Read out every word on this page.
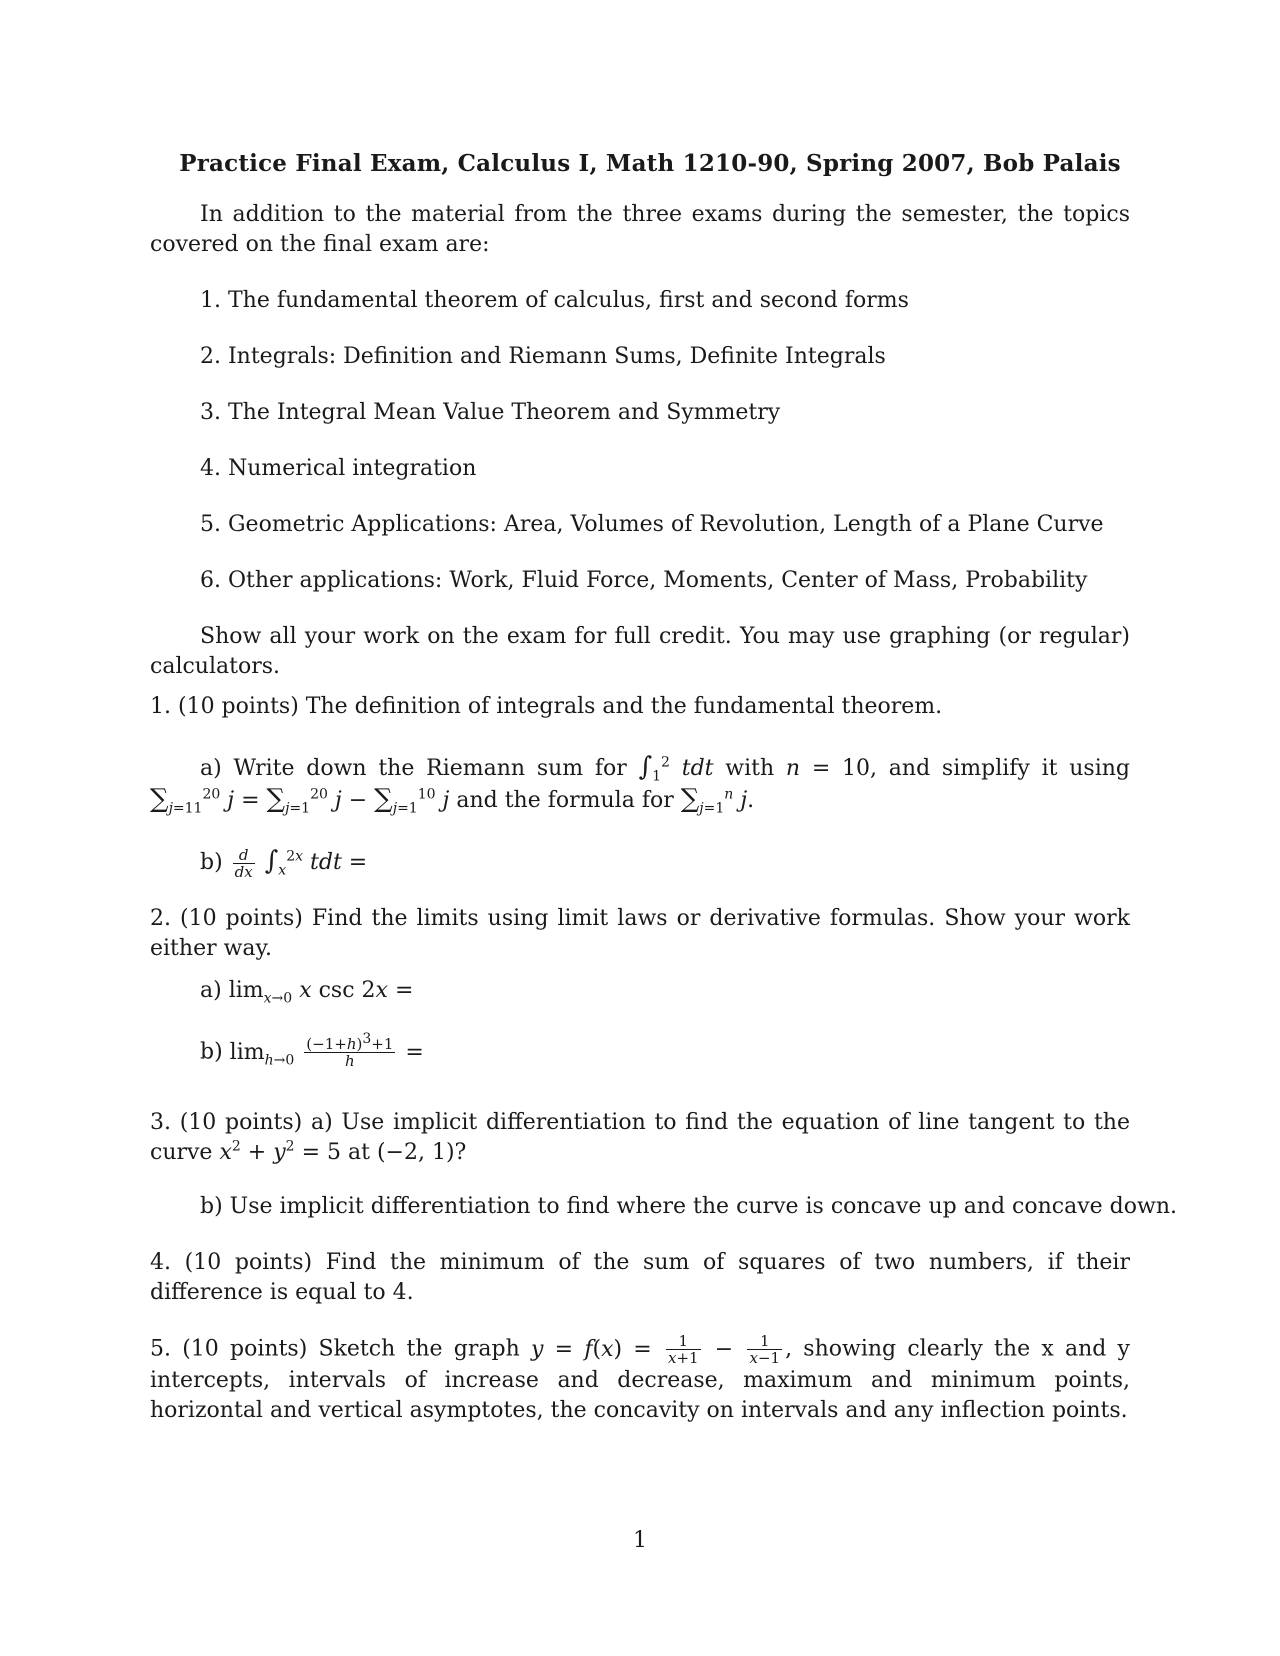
Practice Final Exam, Calculus I, Math 1210-90, Spring 2007, Bob Palais

In addition to the material from the three exams during the semester, the topics covered on the final exam are:

1. The fundamental theorem of calculus, first and second forms

2. Integrals: Definition and Riemann Sums, Definite Integrals

3. The Integral Mean Value Theorem and Symmetry

4. Numerical integration

5. Geometric Applications: Area, Volumes of Revolution, Length of a Plane Curve

6. Other applications: Work, Fluid Force, Moments, Center of Mass, Probability

Show all your work on the exam for full credit. You may use graphing (or regular) calculators.

1. (10 points) The definition of integrals and the fundamental theorem.

a) Write down the Riemann sum for $\int_1^2$ tdt with n = 10, and simplify it using $\sum_{j=11}^{20}$ $j = \sum_{j=1}^{20}$ $j - \sum_{j=1}^{10}$ j and the formula for $\sum_{j=1}^n$ j.

$b) \frac{d}{dx} \int_x^{2x}$ tdt =

2. (10 points) Find the limits using limit laws or derivative formulas. Show your work either way.

a) $\lim_{x\to 0} x$ csc 2x =

b) $\lim_{h\to 0} \frac{(-1+h)^3+1}{h}$ =

3. (10 points) a) Use implicit differentiation to find the equation of line tangent to the curve $x^2 + y^2 = 5$ at (−2, 1)?

b) Use implicit differentiation to find where the curve is concave up and concave down.

4. (10 points) Find the minimum of the sum of squares of two numbers, if their difference is equal to 4.

5. (10 points) Sketch the graph $y = f(x) = \frac{1}{x+1} - \frac{1}{x-1}$ , showing clearly the x and y intercepts, intervals of increase and decrease, maximum and minimum points, horizontal and vertical asymptotes, the concavity on intervals and any inflection points.

1
